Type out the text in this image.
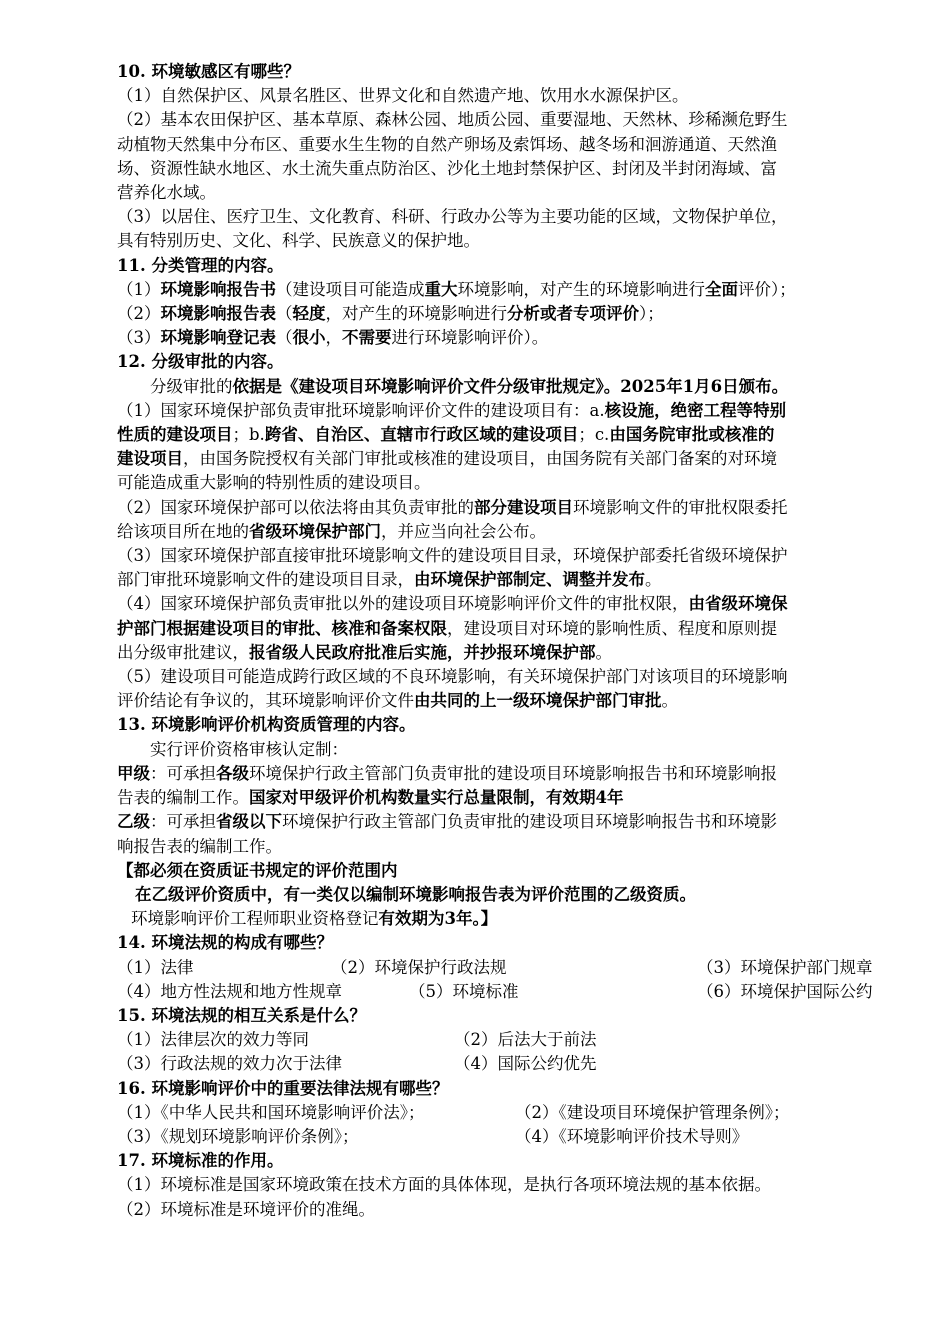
10. 环境敏感区有哪些？
（1）自然保护区、风景名胜区、世界文化和自然遗产地、饮用水水源保护区。
（2）基本农田保护区、基本草原、森林公园、地质公园、重要湿地、天然林、珍稀濒危野生
动植物天然集中分布区、重要水生生物的自然产卵场及索饵场、越冬场和洄游通道、天然渔
场、资源性缺水地区、水土流失重点防治区、沙化土地封禁保护区、封闭及半封闭海域、富
营养化水域。
（3）以居住、医疗卫生、文化教育、科研、行政办公等为主要功能的区域，文物保护单位，
具有特别历史、文化、科学、民族意义的保护地。
11. 分类管理的内容。
（1）环境影响报告书（建设项目可能造成重大环境影响，对产生的环境影响进行全面评价）；
（2）环境影响报告表（轻度，对产生的环境影响进行分析或者专项评价）；
（3）环境影响登记表（很小，不需要进行环境影响评价）。
12. 分级审批的内容。
分级审批的依据是《建设项目环境影响评价文件分级审批规定》。2025年1月6日颁布。
（1）国家环境保护部负责审批环境影响评价文件的建设项目有：a.核设施，绝密工程等特别
性质的建设项目；b.跨省、自治区、直辖市行政区域的建设项目；c.由国务院审批或核准的
建设项目，由国务院授权有关部门审批或核准的建设项目，由国务院有关部门备案的对环境
可能造成重大影响的特别性质的建设项目。
（2）国家环境保护部可以依法将由其负责审批的部分建设项目环境影响文件的审批权限委托
给该项目所在地的省级环境保护部门，并应当向社会公布。
（3）国家环境保护部直接审批环境影响文件的建设项目目录，环境保护部委托省级环境保护
部门审批环境影响文件的建设项目目录，由环境保护部制定、调整并发布。
（4）国家环境保护部负责审批以外的建设项目环境影响评价文件的审批权限，由省级环境保
护部门根据建设项目的审批、核准和备案权限，建设项目对环境的影响性质、程度和原则提
出分级审批建议，报省级人民政府批准后实施，并抄报环境保护部。
（5）建设项目可能造成跨行政区域的不良环境影响，有关环境保护部门对该项目的环境影响
评价结论有争议的，其环境影响评价文件由共同的上一级环境保护部门审批。
13. 环境影响评价机构资质管理的内容。
实行评价资格审核认定制：
甲级：可承担各级环境保护行政主管部门负责审批的建设项目环境影响报告书和环境影响报
告表的编制工作。国家对甲级评价机构数量实行总量限制，有效期4年
乙级：可承担省级以下环境保护行政主管部门负责审批的建设项目环境影响报告书和环境影
响报告表的编制工作。
【都必须在资质证书规定的评价范围内
在乙级评价资质中，有一类仅以编制环境影响报告表为评价范围的乙级资质。
环境影响评价工程师职业资格登记有效期为3年。】
14. 环境法规的构成有哪些？
（1）法律	（2）环境保护行政法规	（3）环境保护部门规章
（4）地方性法规和地方性规章	（5）环境标准	（6）环境保护国际公约
15. 环境法规的相互关系是什么？
（1）法律层次的效力等同	（2）后法大于前法
（3）行政法规的效力次于法律	（4）国际公约优先
16. 环境影响评价中的重要法律法规有哪些？
（1）《中华人民共和国环境影响评价法》；	（2）《建设项目环境保护管理条例》；
（3）《规划环境影响评价条例》；	（4）《环境影响评价技术导则》
17. 环境标准的作用。
（1）环境标准是国家环境政策在技术方面的具体体现，是执行各项环境法规的基本依据。
（2）环境标准是环境评价的准绳。
